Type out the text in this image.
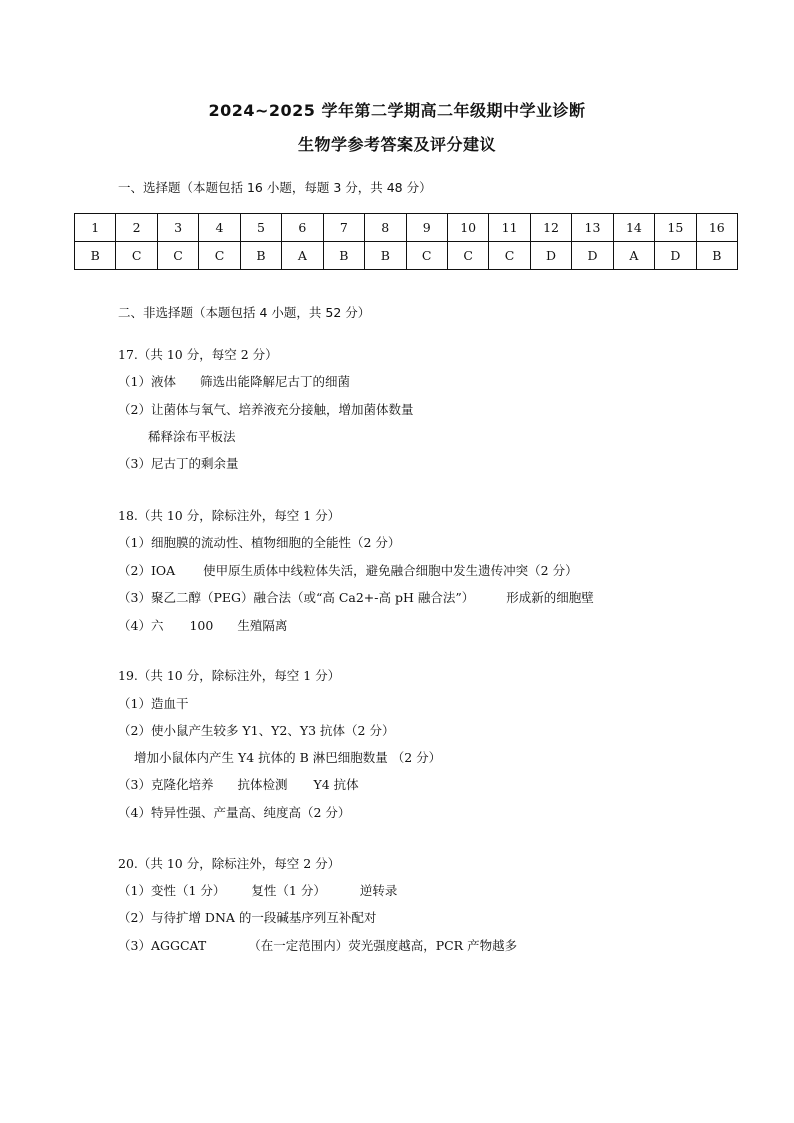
2024~2025 学年第二学期高二年级期中学业诊断
生物学参考答案及评分建议
一、选择题（本题包括 16 小题，每题 3 分，共 48 分）
1	2	3	4	5	6	7	8	9	10	11	12	13	14	15	16
B	C	C	C	B	A	B	B	C	C	C	D	D	A	D	B
二、非选择题（本题包括 4 小题，共 52 分）
17.（共 10 分，每空 2 分）
（1）液体 筛选出能降解尼古丁的细菌
（2）让菌体与氧气、培养液充分接触，增加菌体数量
稀释涂布平板法
（3）尼古丁的剩余量
18.（共 10 分，除标注外，每空 1 分）
（1）细胞膜的流动性、植物细胞的全能性（2 分）
（2）IOA 使甲原生质体中线粒体失活，避免融合细胞中发生遗传冲突（2 分）
（3）聚乙二醇（PEG）融合法（或“高 Ca2+-高 pH 融合法”）	形成新的细胞壁
（4）六 100 生殖隔离
19.（共 10 分，除标注外，每空 1 分）
（1）造血干
（2）使小鼠产生较多 Y1、Y2、Y3 抗体（2 分）
增加小鼠体内产生 Y4 抗体的 B 淋巴细胞数量 （2 分）
（3）克隆化培养 抗体检测 Y4 抗体
（4）特异性强、产量高、纯度高（2 分）
20.（共 10 分，除标注外，每空 2 分）
（1）变性（1 分） 复性（1 分）	逆转录
（2）与待扩增 DNA 的一段碱基序列互补配对
（3）AGGCAT	（在一定范围内）荧光强度越高，PCR 产物越多
